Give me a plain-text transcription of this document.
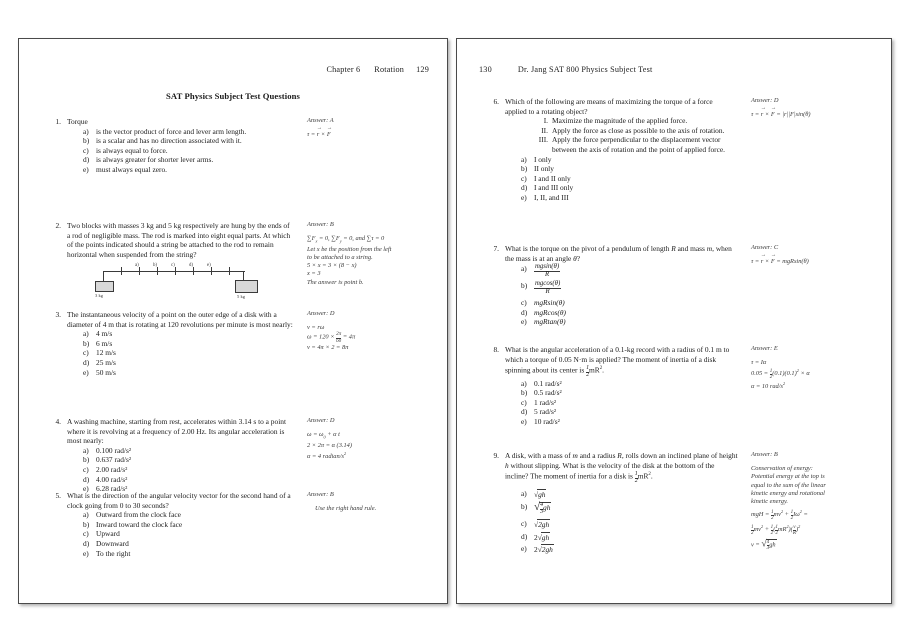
Chapter 6 Rotation 129
SAT Physics Subject Test Questions
1. Torque

a) is the vector product of force and lever arm length.
b) is a scalar and has no direction associated with it.
c) is always equal to force.
d) is always greater for shorter lever arms.
e) must always equal zero.
Answer: A
τ = r → × F →
2. Two blocks with masses 3 kg and 5 kg respectively are hung by the ends of a rod of negligible mass. The rod is marked into eight equal parts. At which of the points indicated should a string be attached to the rod to remain horizontal when suspended from the string?

a)	b)	c)	d)	e)
3 kg	5 kg
Answer: B
$\sum F_x = 0$, $\sum F_y = 0$, and ∑τ = 0
Let x be the position from the left
to be attached to a string.
5 × x = 3 × (8 − x)
x = 3
The answer is point b.
3. The instantaneous velocity of a point on the outer edge of a disk with a diameter of 4 m that is rotating at 120 revolutions per minute is most nearly:

a) 4 m/s
b) 6 m/s
c) 12 m/s
d) 25 m/s
e) 50 m/s
Answer: D
v = rω
$\omega = 120 \times \frac{2\pi}{60} = 4\pi$
v = 4π × 2 = 8π
4. A washing machine, starting from rest, accelerates within 3.14 s to a point where it is revolving at a frequency of 2.00 Hz. Its angular acceleration is most nearly:

a) 0.100 rad/s²
b) 0.637 rad/s²
c) 2.00 rad/s²
d) 4.00 rad/s²
e) 6.28 rad/s²
Answer: D
$\omega = \omega_0 + \alpha$ t
2 × 2π = α (3.14)
α = 4 radian/$s^2$
5. What is the direction of the angular velocity vector for the second hand of a clock going from 0 to 30 seconds?

a) Outward from the clock face
b) Inward toward the clock face
c) Upward
d) Downward
e) To the right
Answer: B
Use the right hand rule.
130	Dr. Jang SAT 800 Physics Subject Test
6. Which of the following are means of maximizing the torque of a force applied to a rotating object?

I. Maximize the magnitude of the applied force.
II. Apply the force as close as possible to the axis of rotation.
III. Apply the force perpendicular to the displacement vector between the axis of rotation and the point of applied force.
a) I only
b) II only
c) I and II only
d) I and III only
e) I, II, and III
Answer: D
τ = r → × F → = |r||F|sin(θ)
7. What is the torque on the pivot of a pendulum of length R and mass m, when the mass is at an angle θ?

a)	$\frac{mgsin(\theta)}{R}$
b)	$\frac{mgcos(\theta)}{R}$
c) mgRsin(θ)
d) mgRcos(θ)
e) mgRtan(θ)
Answer: C
τ = r → × F → = mgRsin(θ)
8. What is the angular acceleration of a 0.1-kg record with a radius of 0.1 m to which a torque of 0.05 N·m is applied? The moment of inertia of a disk spinning about its center is $\frac{1}{2} mR^2$.

a) 0.1 rad/s²
b) 0.5 rad/s²
c) 1 rad/s²
d) 5 rad/s²
e) 10 rad/s²
Answer: E
τ = Iα
$0.05 = \frac{1}{2} (0.1)(0.1)^2 \times \alpha$
α = 10 rad/$s^2$
9. A disk, with a mass of m and a radius R, rolls down an inclined plane of height h without slipping. What is the velocity of the disk at the bottom of the incline? The moment of inertia for a disk is $\frac{1}{2} mR^2$.

a) √gh
b) √ $\frac{4}{3}$ gh
c) √2gh
d) 2√gh
e) 2√2gh
Answer: B
Conservation of energy:
Potential energy at the top is
equal to the sum of the linear
kinetic energy and rotational
kinetic energy.
mgH = $\frac{1}{2} mv^2 + \frac{1}{2} I\omega^2$ =
$\frac{1}{2} mv^2 + \frac{1}{2}$ ( $\frac{1}{2} mR^2)( \frac{v}{R} )^2$
v = √ $\frac{4}{3}$ gh
